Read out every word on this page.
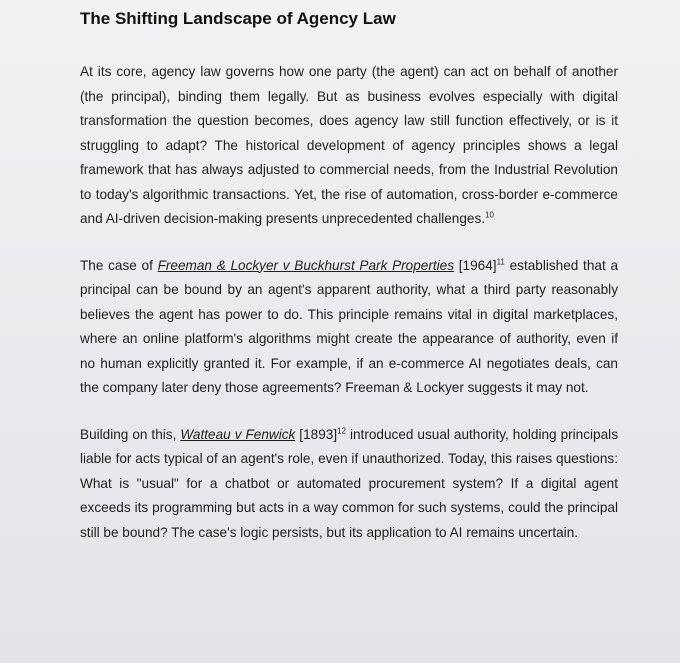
The Shifting Landscape of Agency Law

At its core, agency law governs how one party (the agent) can act on behalf of another (the principal), binding them legally. But as business evolves especially with digital transformation the question becomes, does agency law still function effectively, or is it struggling to adapt? The historical development of agency principles shows a legal framework that has always adjusted to commercial needs, from the Industrial Revolution to today's algorithmic transactions. Yet, the rise of automation, cross-border e-commerce and AI-driven decision-making presents unprecedented challenges.$^{10}$

The case of Freeman & Lockyer v Buckhurst Park Properties $[1964]^{11}$ established that a principal can be bound by an agent's apparent authority, what a third party reasonably believes the agent has power to do. This principle remains vital in digital marketplaces, where an online platform's algorithms might create the appearance of authority, even if no human explicitly granted it. For example, if an e-commerce AI negotiates deals, can the company later deny those agreements? Freeman & Lockyer suggests it may not.

Building on this, Watteau v Fenwick $[1893]^{12}$ introduced usual authority, holding principals liable for acts typical of an agent's role, even if unauthorized. Today, this raises questions: What is "usual" for a chatbot or automated procurement system? If a digital agent exceeds its programming but acts in a way common for such systems, could the principal still be bound? The case's logic persists, but its application to AI remains uncertain.
